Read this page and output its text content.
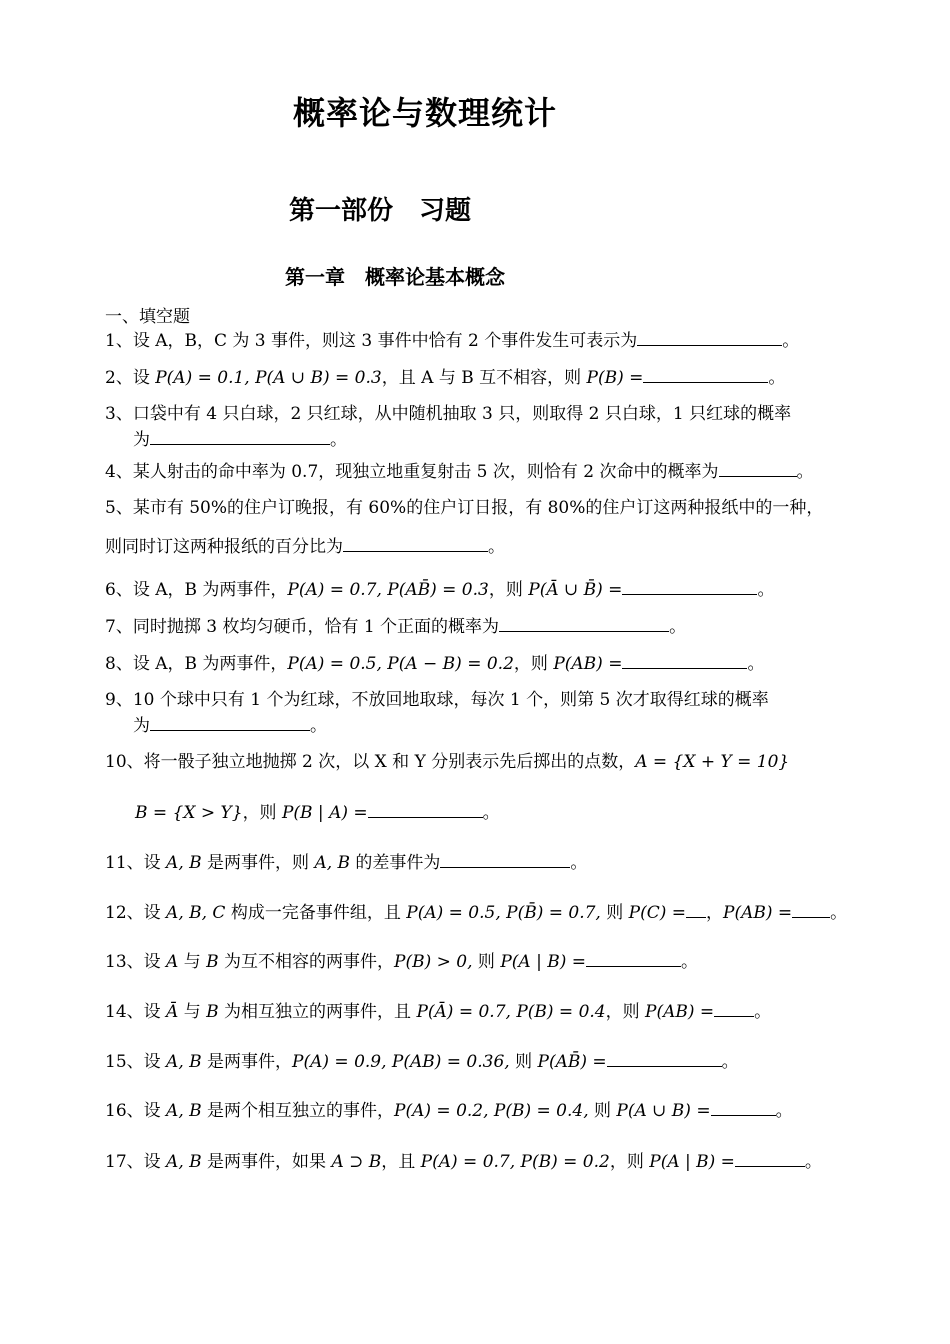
概率论与数理统计
第一部份　习题
第一章　概率论基本概念
一、填空题
1、设 A，B，C 为 3 事件，则这 3 事件中恰有 2 个事件发生可表示为	。
2、设 P(A) = 0.1, P(A ∪ B) = 0.3，且 A 与 B 互不相容，则 P(B) =	。
3、口袋中有 4 只白球，2 只红球，从中随机抽取 3 只，则取得 2 只白球，1 只红球的概率
为	。
4、某人射击的命中率为 0.7，现独立地重复射击 5 次，则恰有 2 次命中的概率为	。
5、某市有 50%的住户订晚报，有 60%的住户订日报，有 80%的住户订这两种报纸中的一种，
则同时订这两种报纸的百分比为	。
6、设 A，B 为两事件，P(A) = 0.7, P(AB̄) = 0.3，则 P(Ā ∪ B̄) =	。
7、同时抛掷 3 枚均匀硬币，恰有 1 个正面的概率为	。
8、设 A，B 为两事件，P(A) = 0.5, P(A − B) = 0.2，则 P(AB) =	。
9、10 个球中只有 1 个为红球，不放回地取球，每次 1 个，则第 5 次才取得红球的概率
为	。
10、将一骰子独立地抛掷 2 次，以 X 和 Y 分别表示先后掷出的点数，A = {X + Y = 10}
B = {X > Y}，则 P(B | A) =	。
11、设 A, B 是两事件，则 A, B 的差事件为	。
12、设 A, B, C 构成一完备事件组，且 P(A) = 0.5, P(B̄) = 0.7, 则 P(C) = ，P(AB) = 。
13、设 A 与 B 为互不相容的两事件，P(B) > 0, 则 P(A | B) =	。
14、设 Ā 与 B 为相互独立的两事件，且 P(Ā) = 0.7, P(B) = 0.4，则 P(AB) = 。
15、设 A, B 是两事件，P(A) = 0.9, P(AB) = 0.36, 则 P(AB̄) =	。
16、设 A, B 是两个相互独立的事件，P(A) = 0.2, P(B) = 0.4, 则 P(A ∪ B) =	。
17、设 A, B 是两事件，如果 A ⊃ B，且 P(A) = 0.7, P(B) = 0.2，则 P(A | B) =	。
